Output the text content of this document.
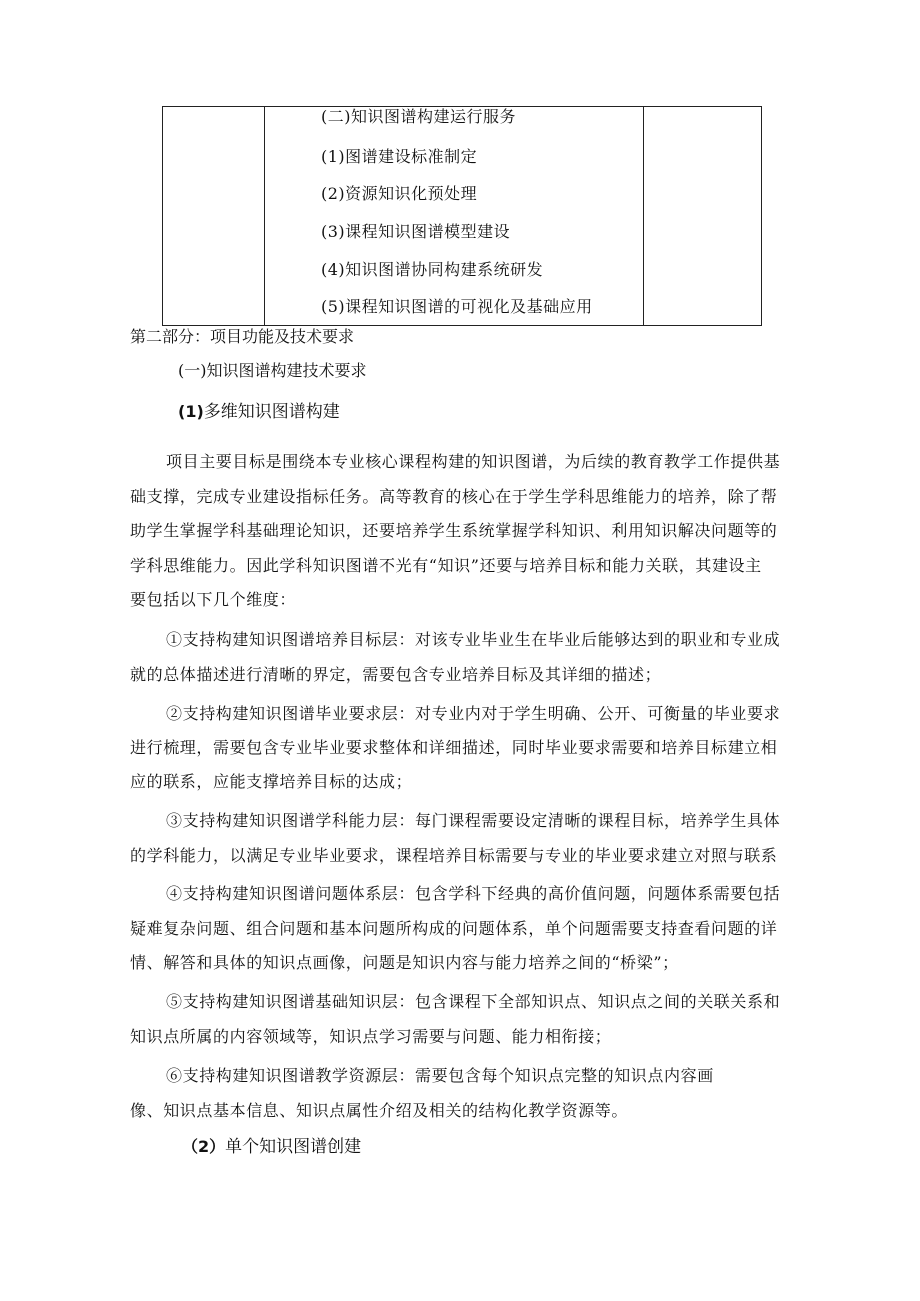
(二)知识图谱构建运行服务
(1)图谱建设标准制定
(2)资源知识化预处理
(3)课程知识图谱模型建设
(4)知识图谱协同构建系统研发
(5)课程知识图谱的可视化及基础应用
第二部分：项目功能及技术要求
(一)知识图谱构建技术要求
(1)多维知识图谱构建
项目主要目标是围绕本专业核心课程构建的知识图谱，为后续的教育教学工作提供基
础支撑，完成专业建设指标任务。高等教育的核心在于学生学科思维能力的培养，除了帮
助学生掌握学科基础理论知识，还要培养学生系统掌握学科知识、利用知识解决问题等的
学科思维能力。因此学科知识图谱不光有“知识”还要与培养目标和能力关联，其建设主
要包括以下几个维度：
①支持构建知识图谱培养目标层：对该专业毕业生在毕业后能够达到的职业和专业成
就的总体描述进行清晰的界定，需要包含专业培养目标及其详细的描述；
②支持构建知识图谱毕业要求层：对专业内对于学生明确、公开、可衡量的毕业要求
进行梳理，需要包含专业毕业要求整体和详细描述，同时毕业要求需要和培养目标建立相
应的联系，应能支撑培养目标的达成；
③支持构建知识图谱学科能力层：每门课程需要设定清晰的课程目标，培养学生具体
的学科能力，以满足专业毕业要求，课程培养目标需要与专业的毕业要求建立对照与联系
④支持构建知识图谱问题体系层：包含学科下经典的高价值问题，问题体系需要包括
疑难复杂问题、组合问题和基本问题所构成的问题体系，单个问题需要支持查看问题的详
情、解答和具体的知识点画像，问题是知识内容与能力培养之间的“桥梁”；
⑤支持构建知识图谱基础知识层：包含课程下全部知识点、知识点之间的关联关系和
知识点所属的内容领域等，知识点学习需要与问题、能力相衔接；
⑥支持构建知识图谱教学资源层：需要包含每个知识点完整的知识点内容画
像、知识点基本信息、知识点属性介绍及相关的结构化教学资源等。
（2）单个知识图谱创建
